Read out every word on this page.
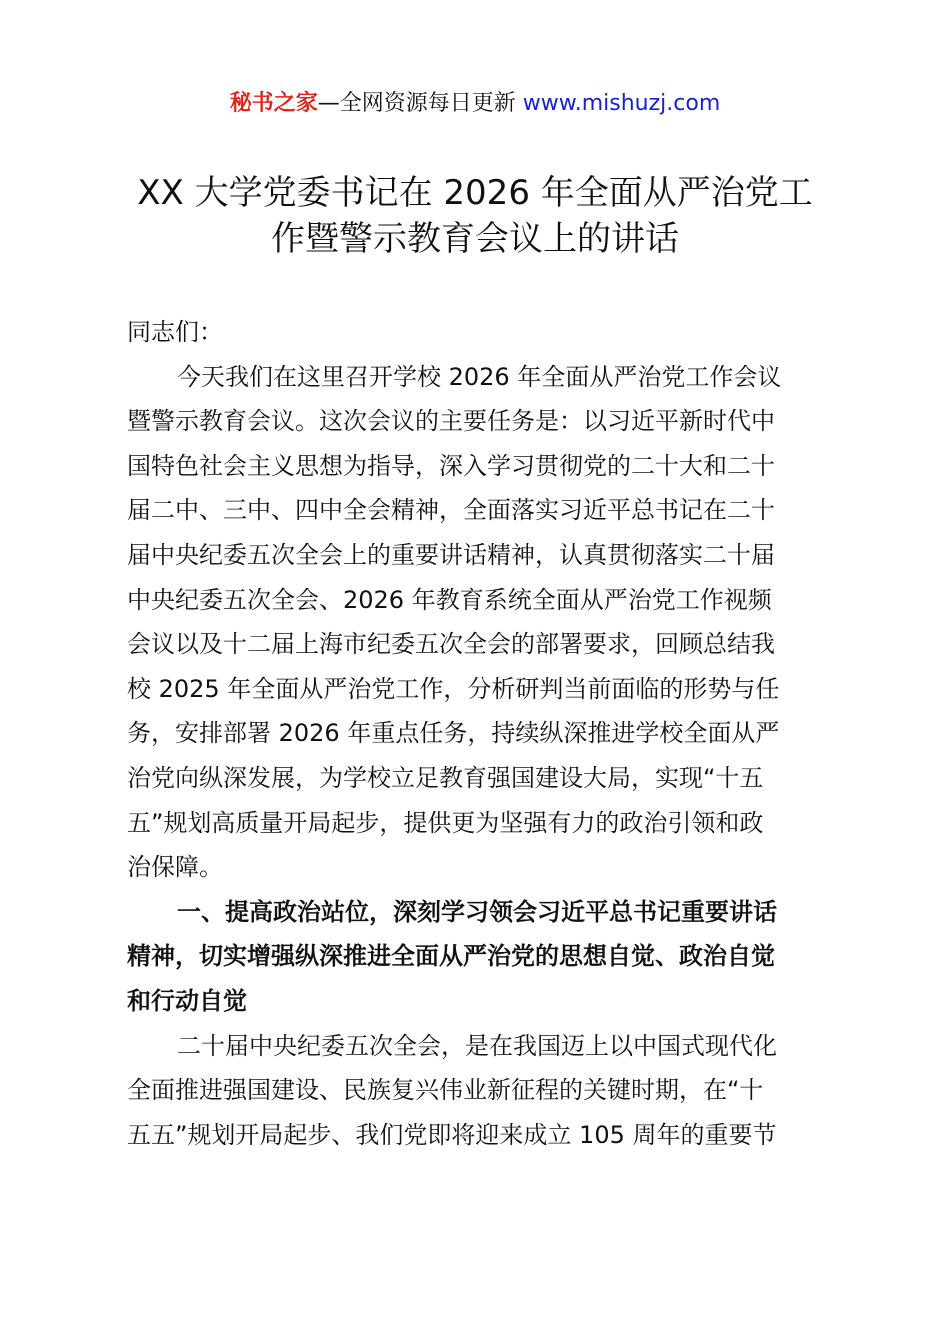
秘书之家—全网资源每日更新 www.mishuzj.com
XX 大学党委书记在 2026 年全面从严治党工
作暨警示教育会议上的讲话
同志们：
今天我们在这里召开学校 2026 年全面从严治党工作会议
暨警示教育会议。这次会议的主要任务是：以习近平新时代中
国特色社会主义思想为指导，深入学习贯彻党的二十大和二十
届二中、三中、四中全会精神，全面落实习近平总书记在二十
届中央纪委五次全会上的重要讲话精神，认真贯彻落实二十届
中央纪委五次全会、2026 年教育系统全面从严治党工作视频
会议以及十二届上海市纪委五次全会的部署要求，回顾总结我
校 2025 年全面从严治党工作，分析研判当前面临的形势与任
务，安排部署 2026 年重点任务，持续纵深推进学校全面从严
治党向纵深发展，为学校立足教育强国建设大局，实现“十五
五”规划高质量开局起步，提供更为坚强有力的政治引领和政
治保障。
一、提高政治站位，深刻学习领会习近平总书记重要讲话
精神，切实增强纵深推进全面从严治党的思想自觉、政治自觉
和行动自觉
二十届中央纪委五次全会，是在我国迈上以中国式现代化
全面推进强国建设、民族复兴伟业新征程的关键时期，在“十
五五”规划开局起步、我们党即将迎来成立 105 周年的重要节
